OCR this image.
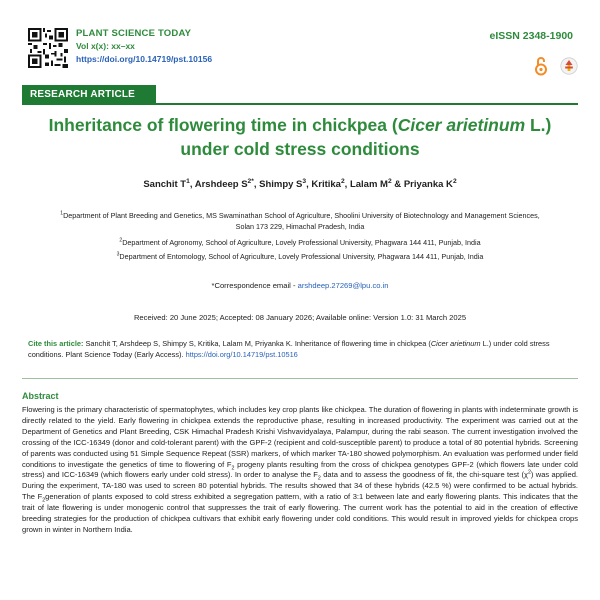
PLANT SCIENCE TODAY
Vol x(x): xx–xx
https://doi.org/10.14719/pst.10156
eISSN 2348-1900
RESEARCH ARTICLE
Inheritance of flowering time in chickpea (Cicer arietinum L.)
under cold stress conditions
Sanchit $T^1$, Arshdeep $S^{2*}$, Shimpy $S^3$, Kritika$^2$, Lalam $M^2$ & Priyanka $K^2$
$^1$Department of Plant Breeding and Genetics, MS Swaminathan School of Agriculture, Shoolini University of Biotechnology and Management Sciences,
Solan 173 229, Himachal Pradesh, India
$^2$Department of Agronomy, School of Agriculture, Lovely Professional University, Phagwara 144 411, Punjab, India
$^3$Department of Entomology, School of Agriculture, Lovely Professional University, Phagwara 144 411, Punjab, India
*Correspondence email - arshdeep.27269@lpu.co.in
Received: 20 June 2025; Accepted: 08 January 2026; Available online: Version 1.0: 31 March 2025
Cite this article: Sanchit T, Arshdeep S, Shimpy S, Kritika, Lalam M, Priyanka K. Inheritance of flowering time in chickpea (Cicer arietinum L.) under cold stress conditions. Plant Science Today (Early Access). https://doi.org/10.14719/pst.10516
Abstract

Flowering is the primary characteristic of spermatophytes, which includes key crop plants like chickpea. The duration of flowering in plants with indeterminate growth is directly related to the yield. Early flowering in chickpea extends the reproductive phase, resulting in increased productivity. The experiment was carried out at the Department of Genetics and Plant Breeding, CSK Himachal Pradesh Krishi Vishvavidyalaya, Palampur, during the rabi season. The current investigation involved the crossing of the ICC-16349 (donor and cold-tolerant parent) with the GPF-2 (recipient and cold-susceptible parent) to produce a total of 80 potential hybrids. Screening of parents was conducted using 51 Simple Sequence Repeat (SSR) markers, of which marker TA-180 showed polymorphism. An evaluation was performed under field conditions to investigate the genetics of time to flowering of $F_2$ progeny plants resulting from the cross of chickpea genotypes GPF-2 (which flowers late under cold stress) and ICC-16349 (which flowers early under cold stress). In order to analyse the $F_2$ data and to assess the goodness of fit, the chi-square test $(\chi^2)$ was applied. During the experiment, TA-180 was used to screen 80 potential hybrids. The results showed that 34 of these hybrids (42.5 %) were confirmed to be actual hybrids. The $F_2generation$ of plants exposed to cold stress exhibited a segregation pattern, with a ratio of 3:1 between late and early flowering plants. This indicates that the trait of late flowering is under monogenic control that suppresses the trait of early flowering. The current work has the potential to aid in the creation of effective breeding strategies for the production of chickpea cultivars that exhibit early flowering under cold conditions. This would result in improved yields for chickpea crops grown in winter in Northern India.
